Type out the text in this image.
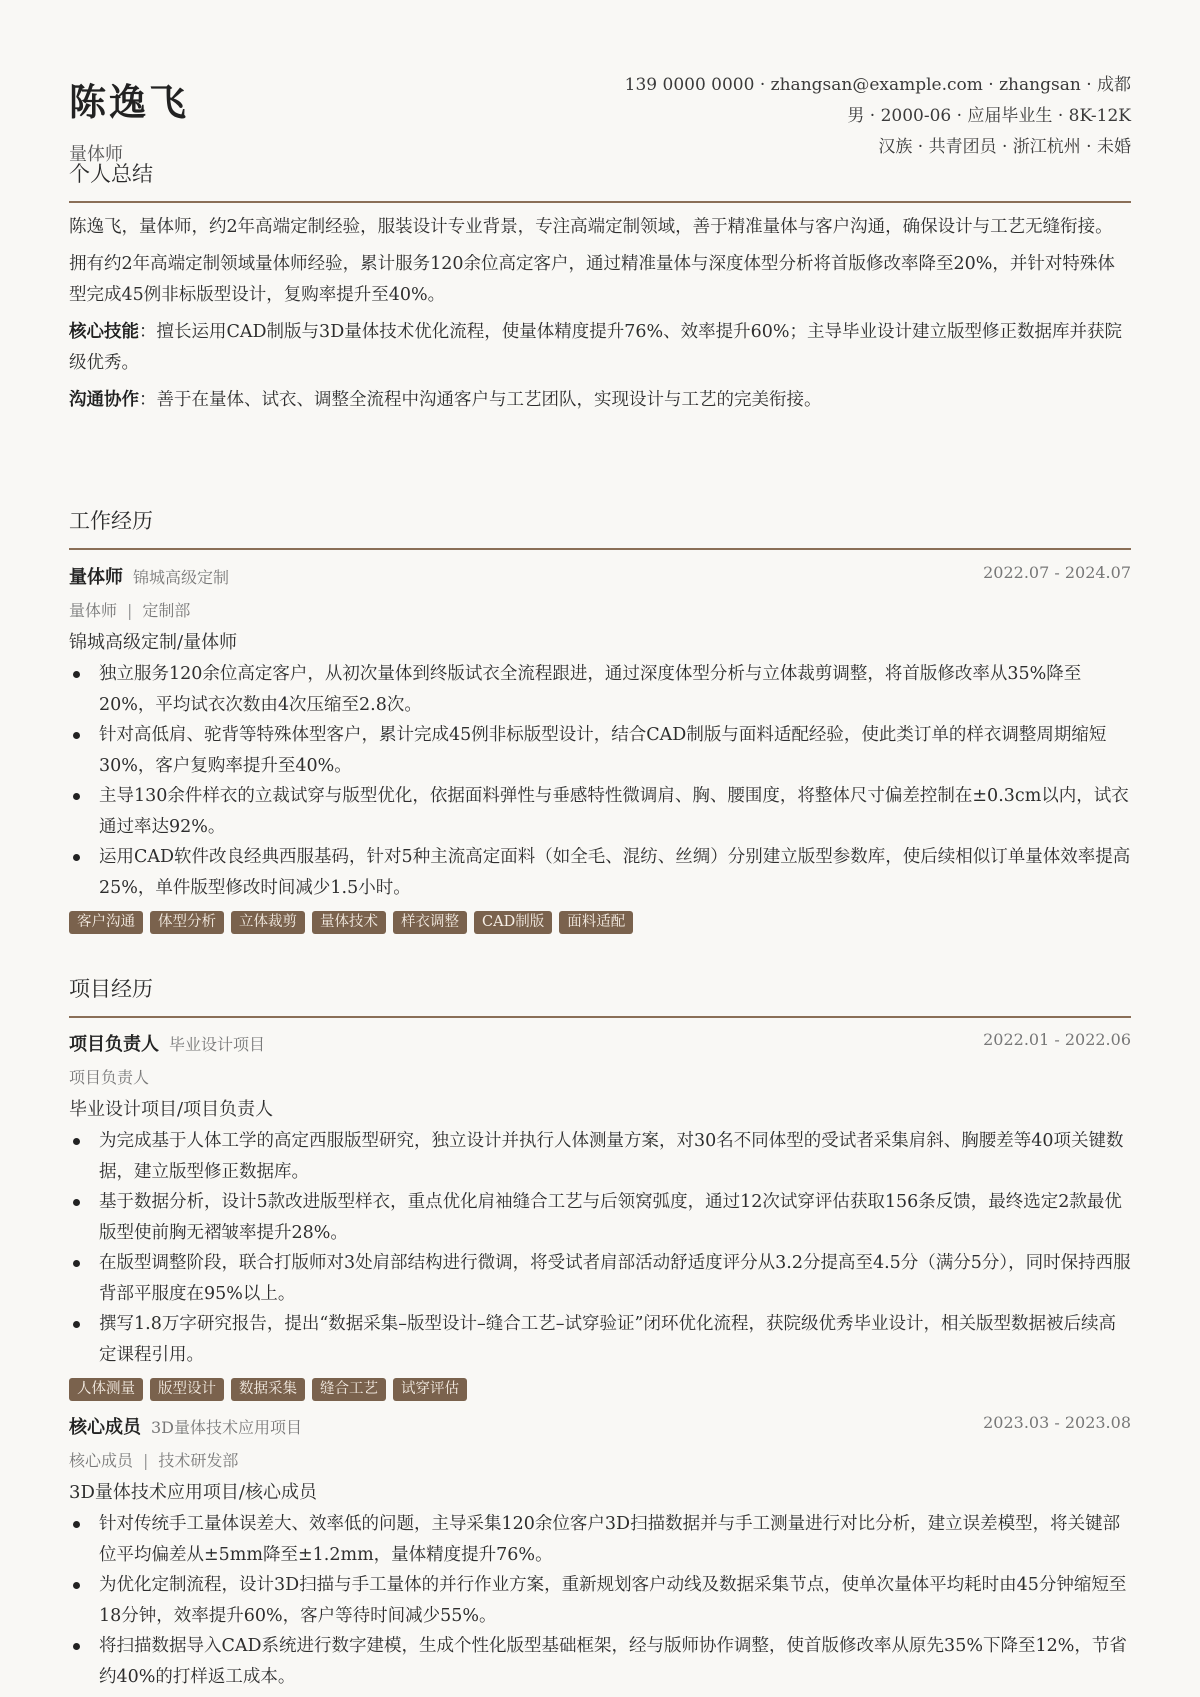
陈逸飞
量体师
139 0000 0000 · zhangsan@example.com · zhangsan · 成都
男 · 2000-06 · 应届毕业生 · 8K-12K
汉族 · 共青团员 · 浙江杭州 · 未婚
个人总结

陈逸飞，量体师，约2年高端定制经验，服装设计专业背景，专注高端定制领域，善于精准量体与客户沟通，确保设计与工艺无缝衔接。

拥有约2年高端定制领域量体师经验，累计服务120余位高定客户，通过精准量体与深度体型分析将首版修改率降至20%，并针对特殊体型完成45例非标版型设计，复购率提升至40%。

核心技能：擅长运用CAD制版与3D量体技术优化流程，使量体精度提升76%、效率提升60%；主导毕业设计建立版型修正数据库并获院级优秀。

沟通协作：善于在量体、试衣、调整全流程中沟通客户与工艺团队，实现设计与工艺的完美衔接。

工作经历
量体师 锦城高级定制	2022.07 - 2024.07
量体师 | 定制部
锦城高级定制/量体师
独立服务120余位高定客户，从初次量体到终版试衣全流程跟进，通过深度体型分析与立体裁剪调整，将首版修改率从35%降至20%，平均试衣次数由4次压缩至2.8次。
针对高低肩、驼背等特殊体型客户，累计完成45例非标版型设计，结合CAD制版与面料适配经验，使此类订单的样衣调整周期缩短30%，客户复购率提升至40%。
主导130余件样衣的立裁试穿与版型优化，依据面料弹性与垂感特性微调肩、胸、腰围度，将整体尺寸偏差控制在±0.3cm以内，试衣通过率达92%。
运用CAD软件改良经典西服基码，针对5种主流高定面料（如全毛、混纺、丝绸）分别建立版型参数库，使后续相似订单量体效率提高25%，单件版型修改时间减少1.5小时。
客户沟通	体型分析	立体裁剪	量体技术	样衣调整	CAD制版	面料适配
项目经历
项目负责人 毕业设计项目	2022.01 - 2022.06
项目负责人
毕业设计项目/项目负责人
为完成基于人体工学的高定西服版型研究，独立设计并执行人体测量方案，对30名不同体型的受试者采集肩斜、胸腰差等40项关键数据，建立版型修正数据库。
基于数据分析，设计5款改进版型样衣，重点优化肩袖缝合工艺与后领窝弧度，通过12次试穿评估获取156条反馈，最终选定2款最优版型使前胸无褶皱率提升28%。
在版型调整阶段，联合打版师对3处肩部结构进行微调，将受试者肩部活动舒适度评分从3.2分提高至4.5分（满分5分），同时保持西服背部平服度在95%以上。
撰写1.8万字研究报告，提出“数据采集–版型设计–缝合工艺–试穿验证”闭环优化流程，获院级优秀毕业设计，相关版型数据被后续高定课程引用。
人体测量	版型设计	数据采集	缝合工艺	试穿评估
核心成员 3D量体技术应用项目	2023.03 - 2023.08
核心成员 | 技术研发部
3D量体技术应用项目/核心成员
针对传统手工量体误差大、效率低的问题，主导采集120余位客户3D扫描数据并与手工测量进行对比分析，建立误差模型，将关键部位平均偏差从±5mm降至±1.2mm，量体精度提升76%。
为优化定制流程，设计3D扫描与手工量体的并行作业方案，重新规划客户动线及数据采集节点，使单次量体平均耗时由45分钟缩短至18分钟，效率提升60%，客户等待时间减少55%。
将扫描数据导入CAD系统进行数字建模，生成个性化版型基础框架，经与版师协作调整，使首版修改率从原先35%下降至12%，节省约40%的打样返工成本。
